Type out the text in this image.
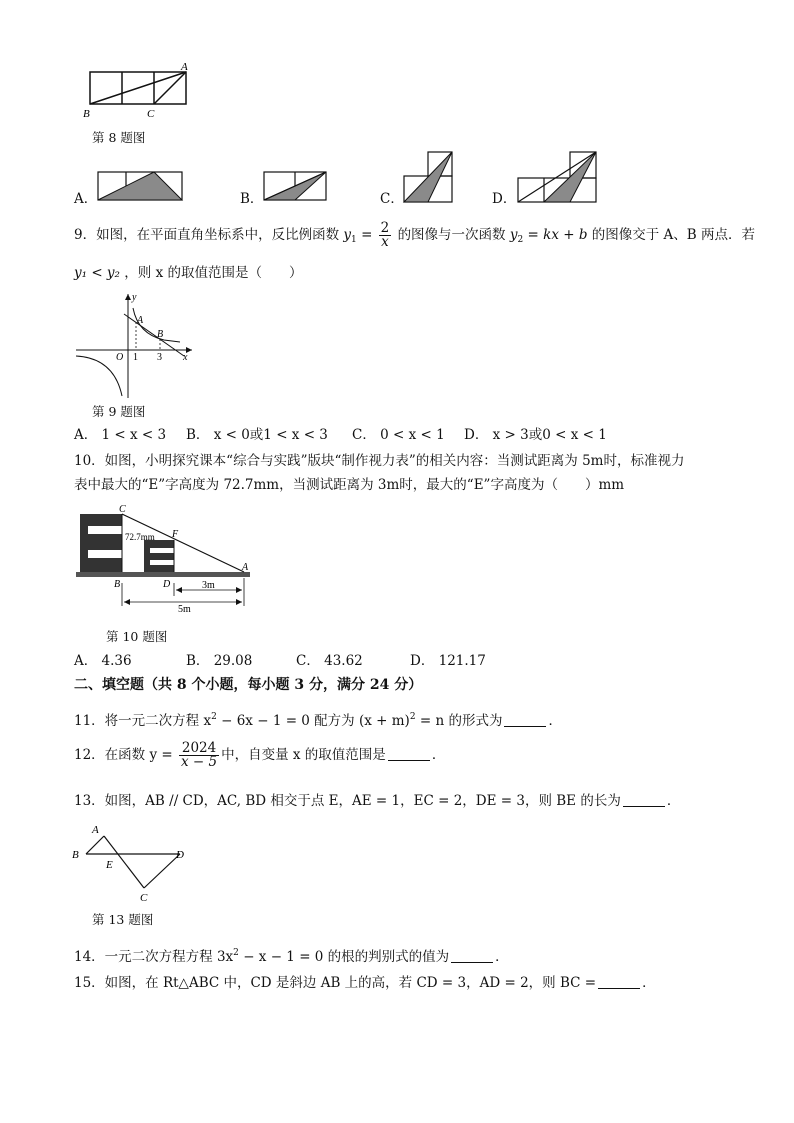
A
B	C
第 8 题图
A．	B．	C．	D．
9．如图，在平面直角坐标系中，反比例函数 $y_1 = \frac{2}{x}$ 的图像与一次函数 $y_2$ = kx + b 的图像交于 A、B 两点．若
y₁ < y₂ ，则 x 的取值范围是（　　）
y
x
O
A
B
1 3
第 9 题图
A． 1 < x < 3 B． x < 0或1 < x < 3 C． 0 < x < 1 D． x > 3或0 < x < 1
10．如图，小明探究课本“综合与实践”版块“制作视力表”的相关内容：当测试距离为 5m时，标准视力
表中最大的“E”字高度为 72.7mm，当测试距离为 3m时，最大的“E”字高度为（　　）mm
C
F
72.7mm
B	D
A
3m
5m
第 10 题图
A． 4.36	B． 29.08	C． 43.62	D． 121.17
二、填空题（共 8 个小题，每小题 3 分，满分 24 分）
11．将一元二次方程 $x^2 - 6x - 1 = 0$ 配方为 $(x + m)^2 = n$ 的形式为	．
12．在函数 $y = \frac{2024}{x - 5}$ 中，自变量 x 的取值范围是	．
13．如图，AB // CD，AC, BD 相交于点 E，AE = 1，EC = 2，DE = 3，则 BE 的长为	．
A
B
E
D
C
第 13 题图
14．一元二次方程方程 $3x^2 - x - 1 = 0$ 的根的判别式的值为	．
15．如图，在 Rt△ABC 中，CD 是斜边 AB 上的高，若 CD = 3，AD = 2，则 BC =	．
